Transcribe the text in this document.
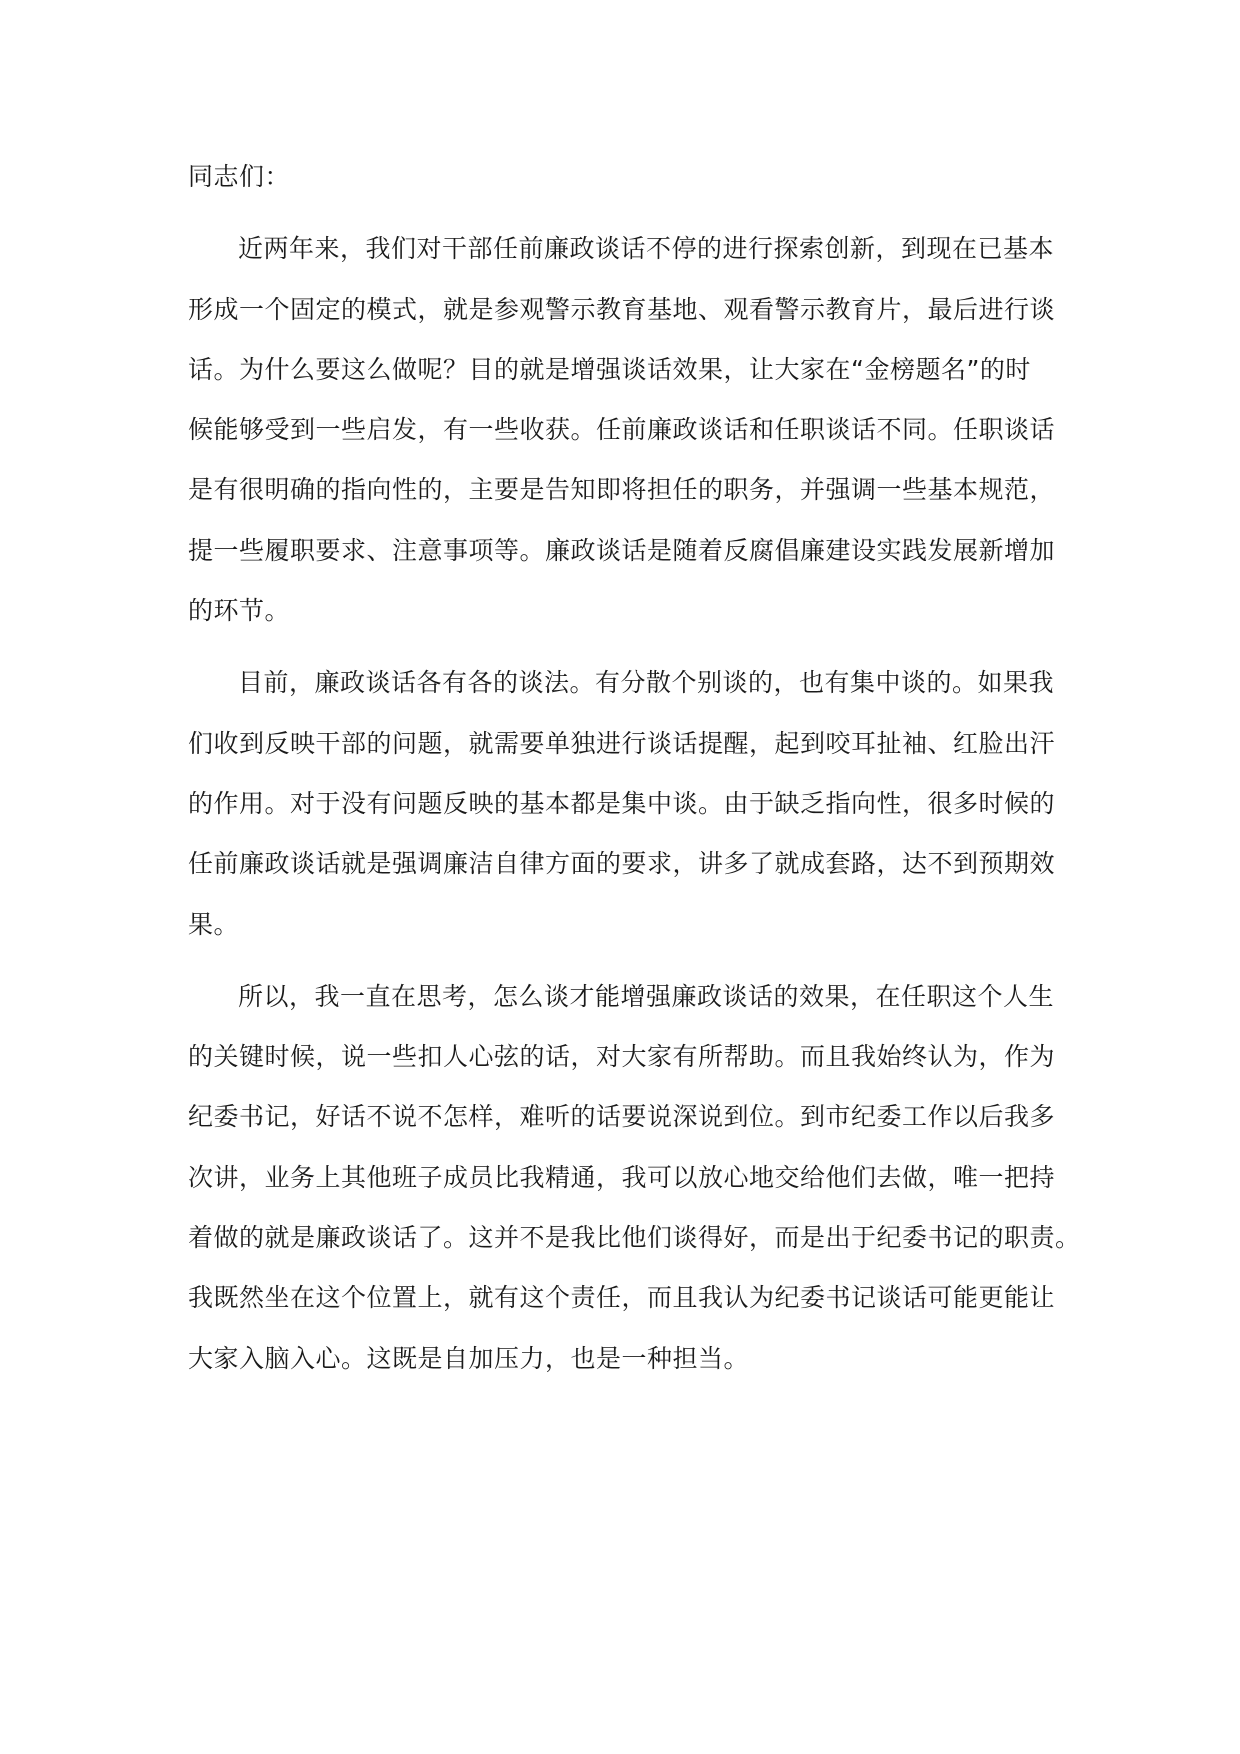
同志们：
近两年来，我们对干部任前廉政谈话不停的进行探索创新，到现在已基本
形成一个固定的模式，就是参观警示教育基地、观看警示教育片，最后进行谈
话。为什么要这么做呢？目的就是增强谈话效果，让大家在“金榜题名”的时
候能够受到一些启发，有一些收获。任前廉政谈话和任职谈话不同。任职谈话
是有很明确的指向性的，主要是告知即将担任的职务，并强调一些基本规范，
提一些履职要求、注意事项等。廉政谈话是随着反腐倡廉建设实践发展新增加
的环节。
目前，廉政谈话各有各的谈法。有分散个别谈的，也有集中谈的。如果我
们收到反映干部的问题，就需要单独进行谈话提醒，起到咬耳扯袖、红脸出汗
的作用。对于没有问题反映的基本都是集中谈。由于缺乏指向性，很多时候的
任前廉政谈话就是强调廉洁自律方面的要求，讲多了就成套路，达不到预期效
果。
所以，我一直在思考，怎么谈才能增强廉政谈话的效果，在任职这个人生
的关键时候，说一些扣人心弦的话，对大家有所帮助。而且我始终认为，作为
纪委书记，好话不说不怎样，难听的话要说深说到位。到市纪委工作以后我多
次讲，业务上其他班子成员比我精通，我可以放心地交给他们去做，唯一把持
着做的就是廉政谈话了。这并不是我比他们谈得好，而是出于纪委书记的职责。
我既然坐在这个位置上，就有这个责任，而且我认为纪委书记谈话可能更能让
大家入脑入心。这既是自加压力，也是一种担当。
